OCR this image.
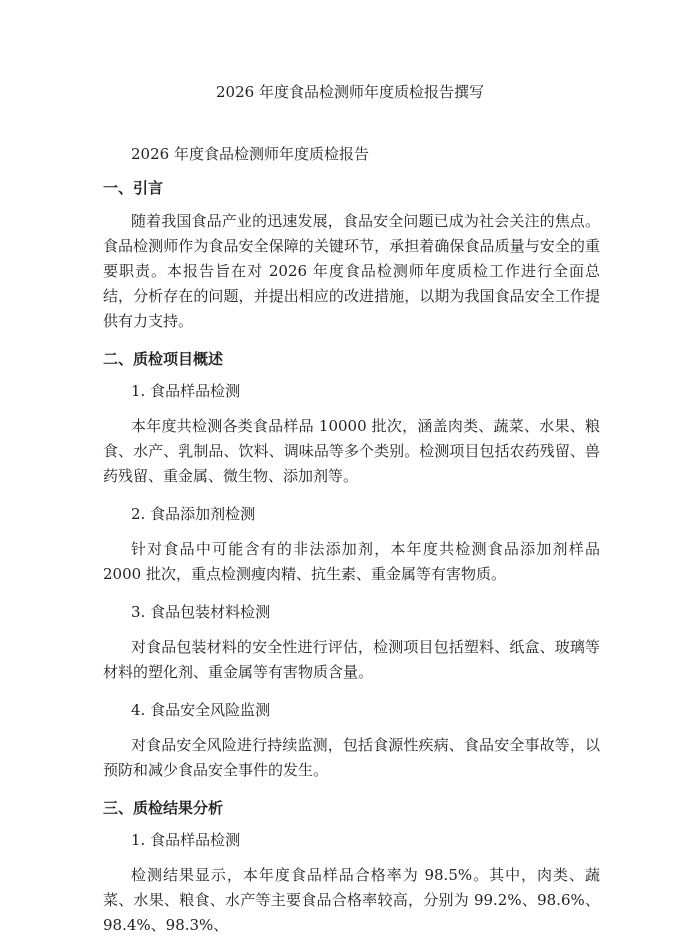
2026 年度食品检测师年度质检报告撰写
2026 年度食品检测师年度质检报告
一、引言

随着我国食品产业的迅速发展，食品安全问题已成为社会关注的焦点。食品检测师作为食品安全保障的关键环节，承担着确保食品质量与安全的重要职责。本报告旨在对 2026 年度食品检测师年度质检工作进行全面总结，分析存在的问题，并提出相应的改进措施，以期为我国食品安全工作提供有力支持。

二、质检项目概述
1. 食品样品检测

本年度共检测各类食品样品 10000 批次，涵盖肉类、蔬菜、水果、粮食、水产、乳制品、饮料、调味品等多个类别。检测项目包括农药残留、兽药残留、重金属、微生物、添加剂等。

2. 食品添加剂检测

针对食品中可能含有的非法添加剂，本年度共检测食品添加剂样品 2000 批次，重点检测瘦肉精、抗生素、重金属等有害物质。

3. 食品包装材料检测

对食品包装材料的安全性进行评估，检测项目包括塑料、纸盒、玻璃等材料的塑化剂、重金属等有害物质含量。

4. 食品安全风险监测

对食品安全风险进行持续监测，包括食源性疾病、食品安全事故等，以预防和减少食品安全事件的发生。

三、质检结果分析
1. 食品样品检测

检测结果显示，本年度食品样品合格率为 98.5%。其中，肉类、蔬菜、水果、粮食、水产等主要食品合格率较高，分别为 99.2%、98.6%、98.4%、98.3%、
